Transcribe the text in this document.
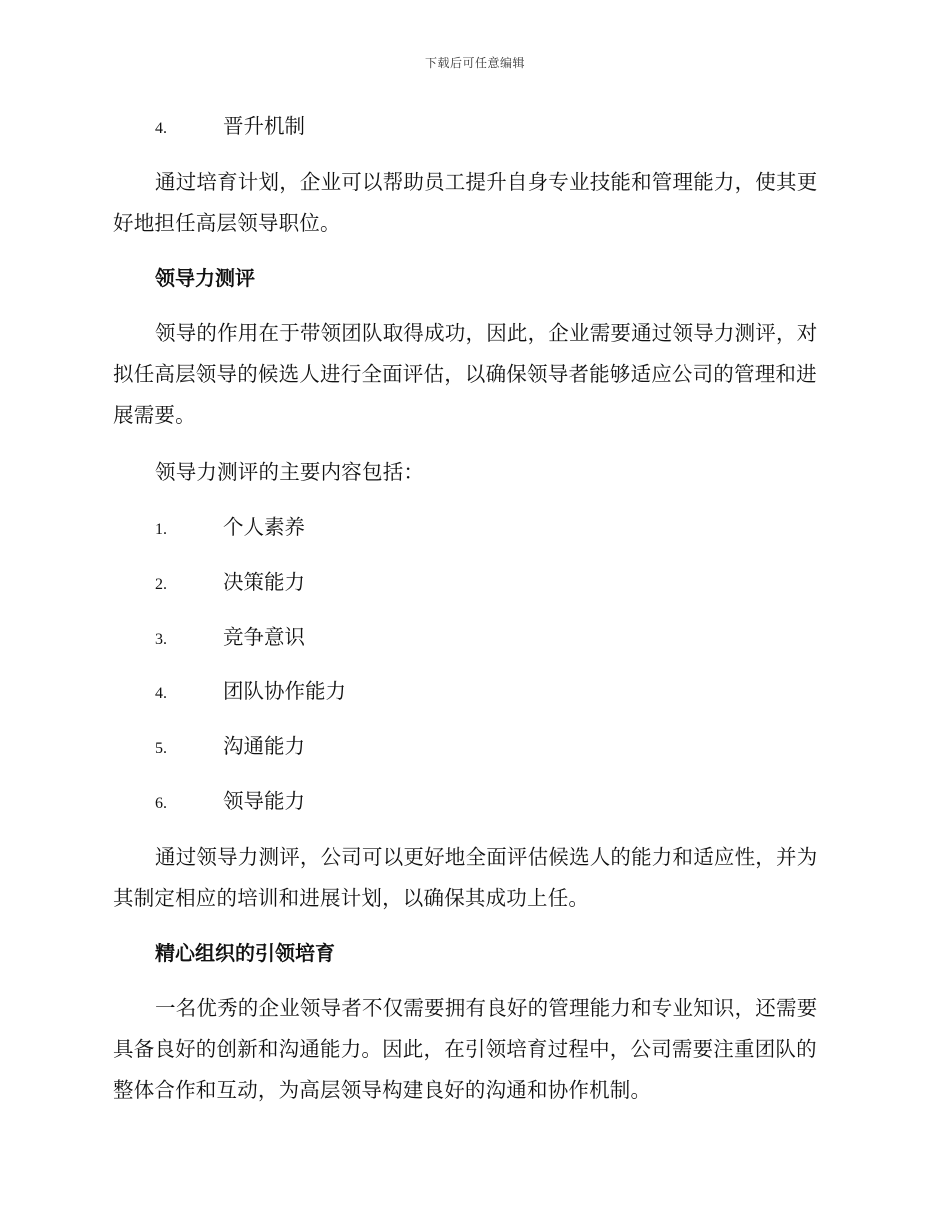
下载后可任意编辑
4.	晋升机制
通过培育计划，企业可以帮助员工提升自身专业技能和管理能力，使其更好地担任高层领导职位。
领导力测评
领导的作用在于带领团队取得成功，因此，企业需要通过领导力测评，对拟任高层领导的候选人进行全面评估，以确保领导者能够适应公司的管理和进展需要。
领导力测评的主要内容包括：
1.	个人素养
2.	决策能力
3.	竞争意识
4.	团队协作能力
5.	沟通能力
6.	领导能力
通过领导力测评，公司可以更好地全面评估候选人的能力和适应性，并为其制定相应的培训和进展计划，以确保其成功上任。
精心组织的引领培育
一名优秀的企业领导者不仅需要拥有良好的管理能力和专业知识，还需要具备良好的创新和沟通能力。因此，在引领培育过程中，公司需要注重团队的整体合作和互动，为高层领导构建良好的沟通和协作机制。
